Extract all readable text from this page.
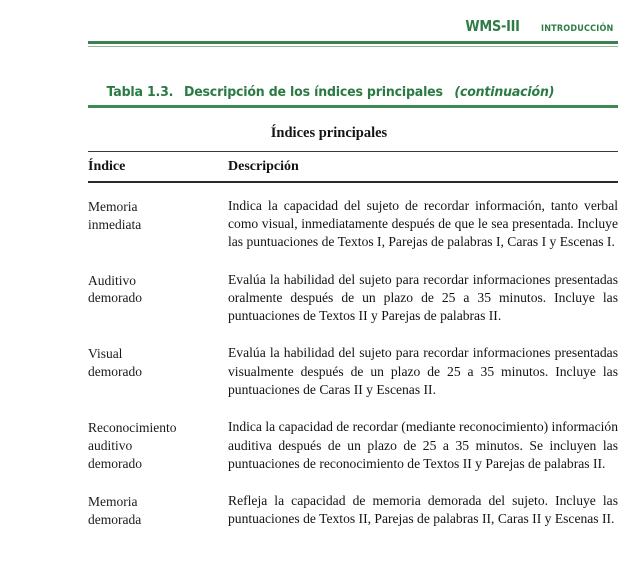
WMS-III introducción
Tabla 1.3. Descripción de los índices principales (continuación)
Índices principales
Índice	Descripción
Memoria
inmediata
Indica la capacidad del sujeto de recordar información, tanto verbal como visual, inmediatamente después de que le sea presentada. Incluye las puntuaciones de Textos I, Parejas de palabras I, Caras I y Escenas I.
Auditivo
demorado
Evalúa la habilidad del sujeto para recordar informaciones presentadas oralmente después de un plazo de 25 a 35 minutos. Incluye las puntuaciones de Textos II y Parejas de palabras II.
Visual
demorado
Evalúa la habilidad del sujeto para recordar informaciones presentadas visualmente después de un plazo de 25 a 35 minutos. Incluye las puntuaciones de Caras II y Escenas II.
Reconocimiento
auditivo
demorado
Indica la capacidad de recordar (mediante reconocimiento) información auditiva después de un plazo de 25 a 35 minutos. Se incluyen las puntuaciones de reconocimiento de Textos II y Parejas de palabras II.
Memoria
demorada
Refleja la capacidad de memoria demorada del sujeto. Incluye las puntuaciones de Textos II, Parejas de palabras II, Caras II y Escenas II.
